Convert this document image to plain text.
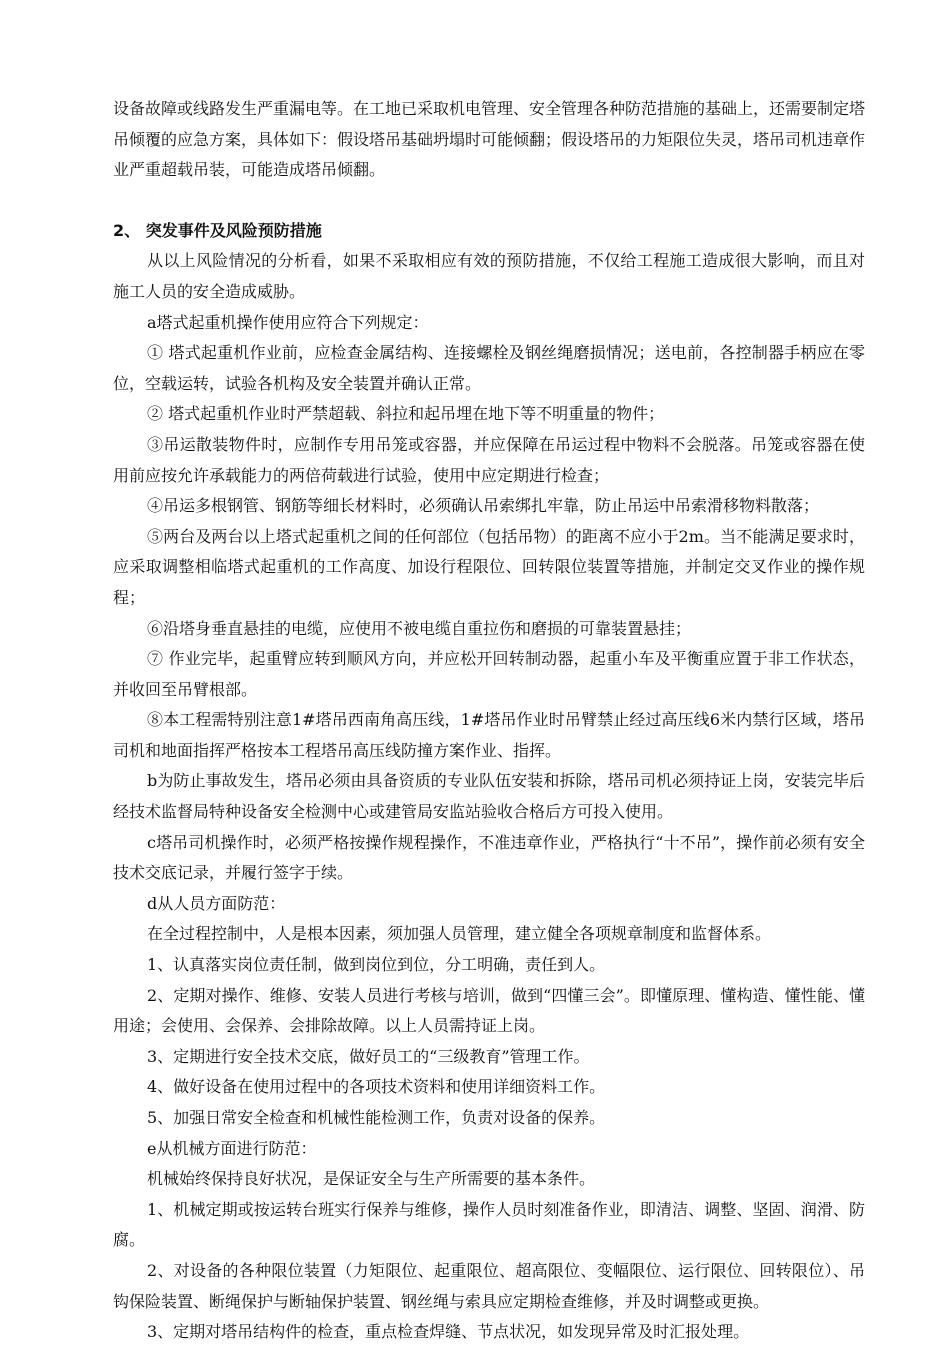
设备故障或线路发生严重漏电等。在工地已采取机电管理、安全管理各种防范措施的基础上，还需要制定塔吊倾覆的应急方案，具体如下：假设塔吊基础坍塌时可能倾翻；假设塔吊的力矩限位失灵，塔吊司机违章作业严重超载吊装，可能造成塔吊倾翻。

2、 突发事件及风险预防措施

从以上风险情况的分析看，如果不采取相应有效的预防措施，不仅给工程施工造成很大影响，而且对施工人员的安全造成威胁。

a塔式起重机操作使用应符合下列规定：

① 塔式起重机作业前，应检查金属结构、连接螺栓及钢丝绳磨损情况；送电前，各控制器手柄应在零位，空载运转，试验各机构及安全装置并确认正常。

② 塔式起重机作业时严禁超载、斜拉和起吊埋在地下等不明重量的物件；

③吊运散装物件时，应制作专用吊笼或容器，并应保障在吊运过程中物料不会脱落。吊笼或容器在使用前应按允许承载能力的两倍荷载进行试验，使用中应定期进行检查；

④吊运多根钢管、钢筋等细长材料时，必须确认吊索绑扎牢靠，防止吊运中吊索滑移物料散落；

⑤两台及两台以上塔式起重机之间的任何部位（包括吊物）的距离不应小于2m。当不能满足要求时，应采取调整相临塔式起重机的工作高度、加设行程限位、回转限位装置等措施，并制定交叉作业的操作规程；

⑥沿塔身垂直悬挂的电缆，应使用不被电缆自重拉伤和磨损的可靠装置悬挂；

⑦ 作业完毕，起重臂应转到顺风方向，并应松开回转制动器，起重小车及平衡重应置于非工作状态，并收回至吊臂根部。

⑧本工程需特别注意1#塔吊西南角高压线，1#塔吊作业时吊臂禁止经过高压线6米内禁行区域，塔吊司机和地面指挥严格按本工程塔吊高压线防撞方案作业、指挥。

b为防止事故发生，塔吊必须由具备资质的专业队伍安装和拆除，塔吊司机必须持证上岗，安装完毕后经技术监督局特种设备安全检测中心或建管局安监站验收合格后方可投入使用。

c塔吊司机操作时，必须严格按操作规程操作，不准违章作业，严格执行“十不吊”，操作前必须有安全技术交底记录，并履行签字于续。

d从人员方面防范：

在全过程控制中，人是根本因素，须加强人员管理，建立健全各项规章制度和监督体系。

1、认真落实岗位责任制，做到岗位到位，分工明确，责任到人。

2、定期对操作、维修、安装人员进行考核与培训，做到“四懂三会”。即懂原理、懂构造、懂性能、懂用途；会使用、会保养、会排除故障。以上人员需持证上岗。

3、定期进行安全技术交底，做好员工的“三级教育”管理工作。

4、做好设备在使用过程中的各项技术资料和使用详细资料工作。

5、加强日常安全检查和机械性能检测工作，负责对设备的保养。

e从机械方面进行防范：

机械始终保持良好状况，是保证安全与生产所需要的基本条件。

1、机械定期或按运转台班实行保养与维修，操作人员时刻准备作业，即清洁、调整、坚固、润滑、防腐。

2、对设备的各种限位装置（力矩限位、起重限位、超高限位、变幅限位、运行限位、回转限位）、吊钩保险装置、断绳保护与断轴保护装置、钢丝绳与索具应定期检查维修，并及时调整或更换。

3、定期对塔吊结构件的检查，重点检查焊缝、节点状况，如发现异常及时汇报处理。
